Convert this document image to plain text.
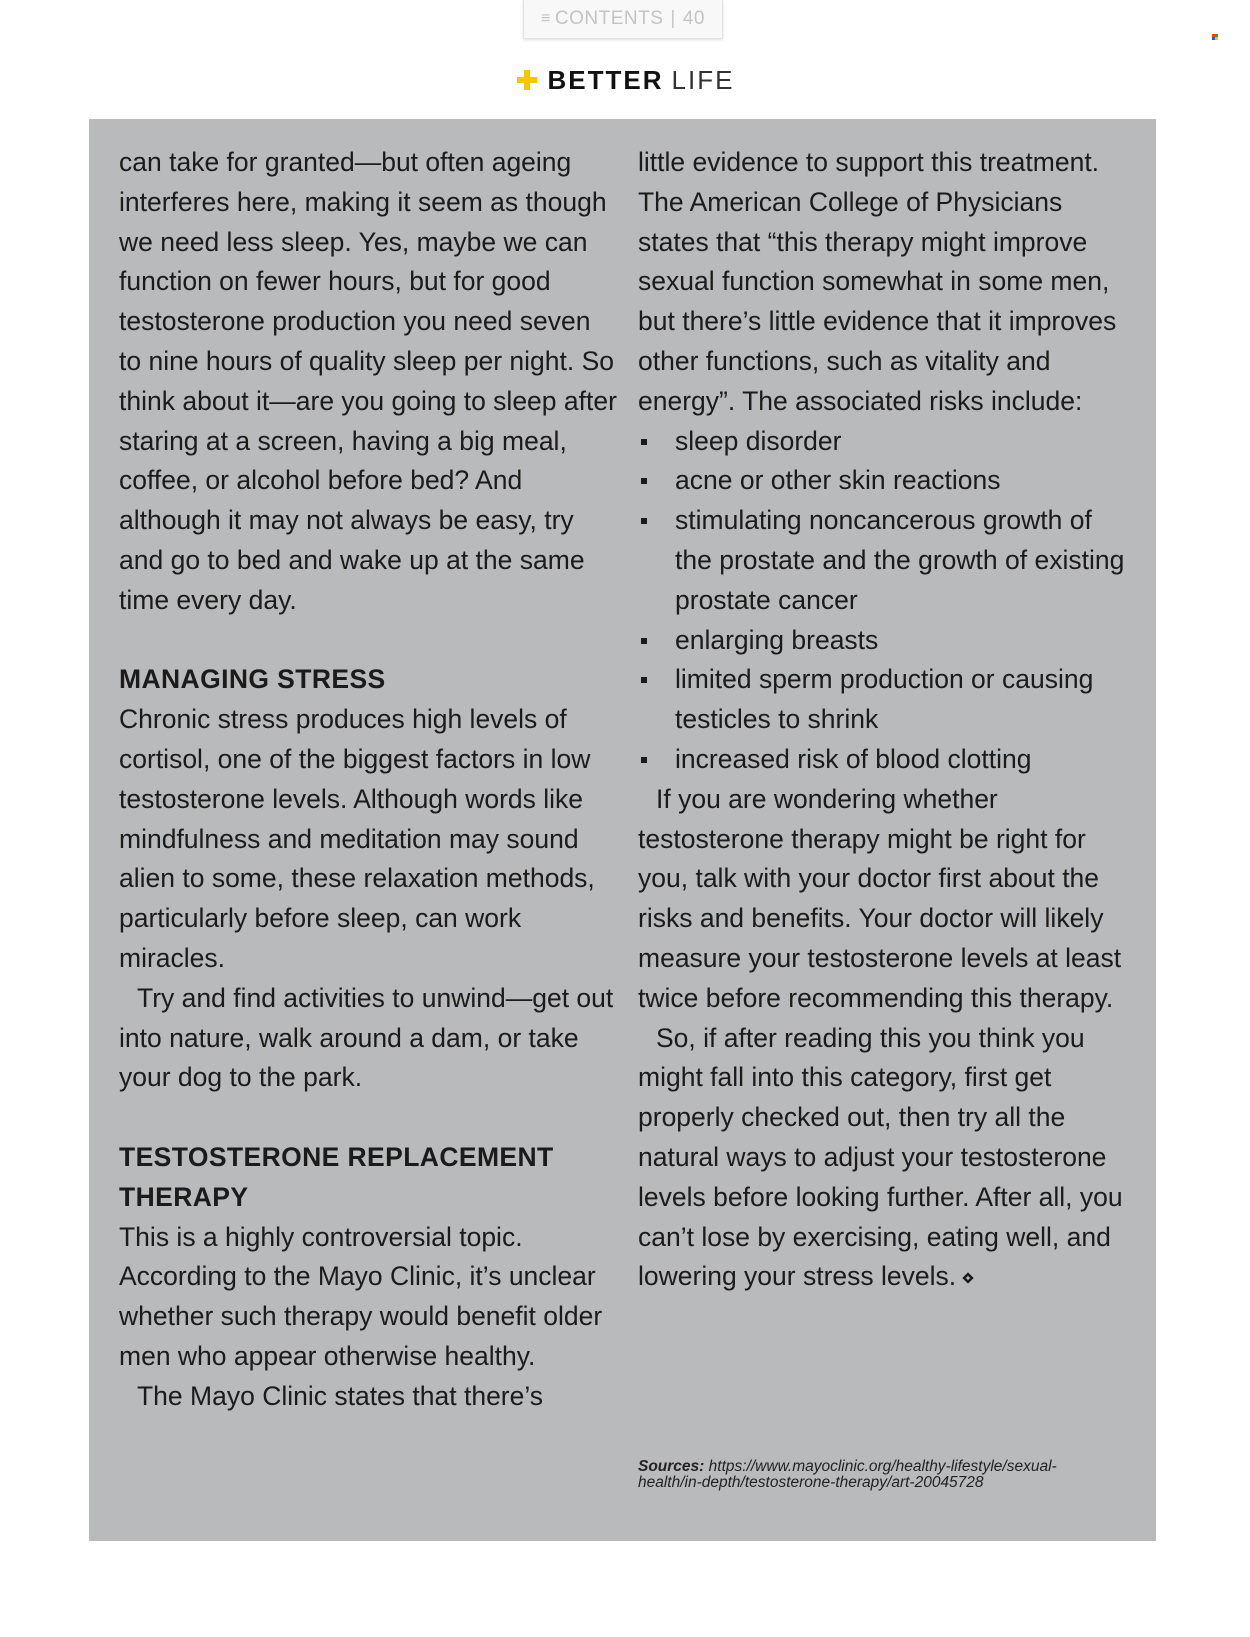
≡ CONTENTS | 40
BETTER LIFE

can take for granted—but often ageing interferes here, making it seem as though we need less sleep. Yes, maybe we can function on fewer hours, but for good testosterone production you need seven to nine hours of quality sleep per night. So think about it—are you going to sleep after staring at a screen, having a big meal, coffee, or alcohol before bed? And although it may not always be easy, try and go to bed and wake up at the same time every day.

MANAGING STRESS

Chronic stress produces high levels of cortisol, one of the biggest factors in low testosterone levels. Although words like mindfulness and meditation may sound alien to some, these relaxation methods, particularly before sleep, can work miracles.

Try and find activities to unwind—get out into nature, walk around a dam, or take your dog to the park.

TESTOSTERONE REPLACEMENT THERAPY

This is a highly controversial topic. According to the Mayo Clinic, it’s unclear whether such therapy would benefit older men who appear otherwise healthy.

The Mayo Clinic states that there’s

little evidence to support this treatment. The American College of Physicians states that “this therapy might improve sexual function somewhat in some men, but there’s little evidence that it improves other functions, such as vitality and energy”. The associated risks include:

sleep disorder
acne or other skin reactions
stimulating noncancerous growth of the prostate and the growth of existing prostate cancer
enlarging breasts
limited sperm production or causing testicles to shrink
increased risk of blood clotting

If you are wondering whether testosterone therapy might be right for you, talk with your doctor first about the risks and benefits. Your doctor will likely measure your testosterone levels at least twice before recommending this therapy.

So, if after reading this you think you might fall into this category, first get properly checked out, then try all the natural ways to adjust your testosterone levels before looking further. After all, you can’t lose by exercising, eating well, and lowering your stress levels.

Sources: https://www.mayoclinic.org/healthy-lifestyle/sexual-health/in-depth/testosterone-therapy/art-20045728
